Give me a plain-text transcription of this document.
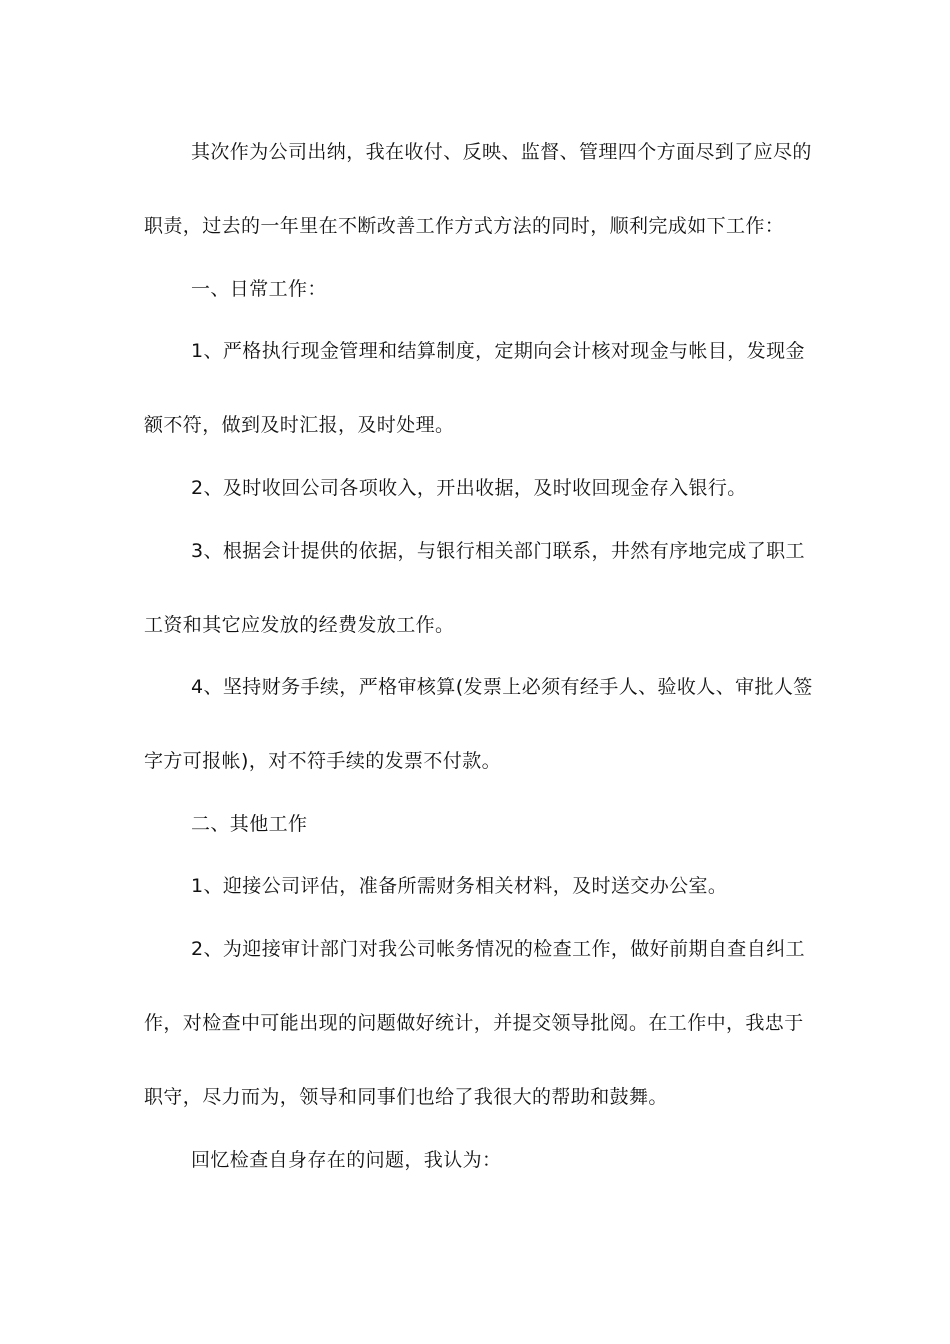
其次作为公司出纳，我在收付、反映、监督、管理四个方面尽到了应尽的
职责，过去的一年里在不断改善工作方式方法的同时，顺利完成如下工作：
一、日常工作：
1、严格执行现金管理和结算制度，定期向会计核对现金与帐目，发现金
额不符，做到及时汇报，及时处理。
2、及时收回公司各项收入，开出收据，及时收回现金存入银行。
3、根据会计提供的依据，与银行相关部门联系，井然有序地完成了职工
工资和其它应发放的经费发放工作。
4、坚持财务手续，严格审核算(发票上必须有经手人、验收人、审批人签
字方可报帐)，对不符手续的发票不付款。
二、其他工作
1、迎接公司评估，准备所需财务相关材料，及时送交办公室。
2、为迎接审计部门对我公司帐务情况的检查工作，做好前期自查自纠工
作，对检查中可能出现的问题做好统计，并提交领导批阅。在工作中，我忠于
职守，尽力而为，领导和同事们也给了我很大的帮助和鼓舞。
回忆检查自身存在的问题，我认为：
